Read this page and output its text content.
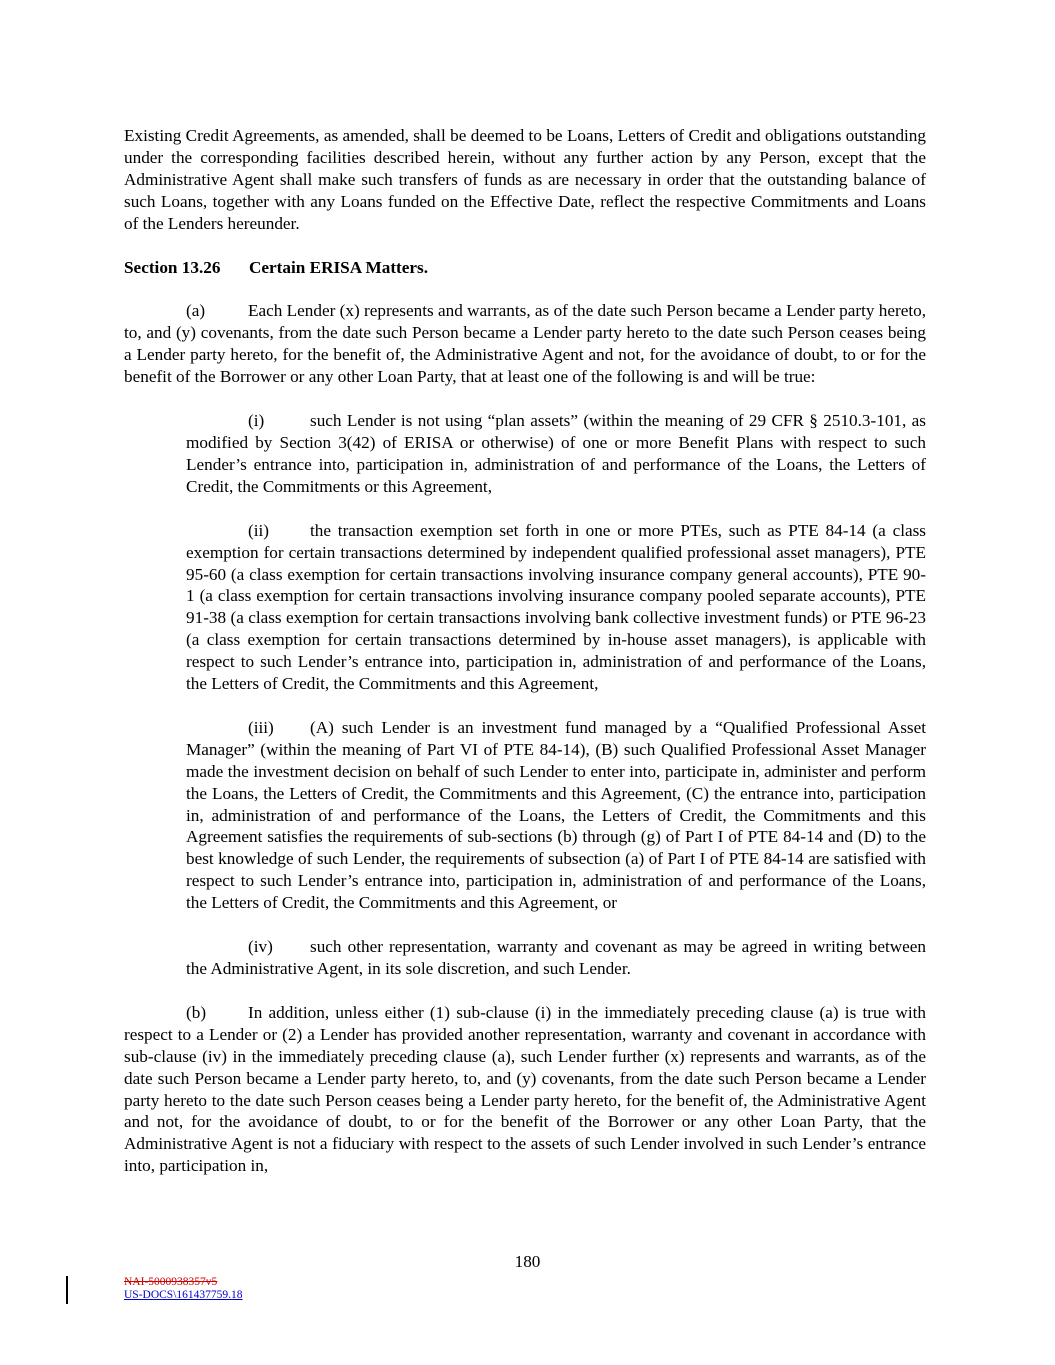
Existing Credit Agreements, as amended, shall be deemed to be Loans, Letters of Credit and obligations outstanding under the corresponding facilities described herein, without any further action by any Person, except that the Administrative Agent shall make such transfers of funds as are necessary in order that the outstanding balance of such Loans, together with any Loans funded on the Effective Date, reflect the respective Commitments and Loans of the Lenders hereunder.

Section 13.26 Certain ERISA Matters.

(a) Each Lender (x) represents and warrants, as of the date such Person became a Lender party hereto, to, and (y) covenants, from the date such Person became a Lender party hereto to the date such Person ceases being a Lender party hereto, for the benefit of, the Administrative Agent and not, for the avoidance of doubt, to or for the benefit of the Borrower or any other Loan Party, that at least one of the following is and will be true:

(i)	such Lender is not using “plan assets” (within the meaning of 29 CFR § 2510.3-101, as modified by Section 3(42) of ERISA or otherwise) of one or more Benefit Plans with respect to such Lender’s entrance into, participation in, administration of and performance of the Loans, the Letters of Credit, the Commitments or this Agreement,

(ii) the transaction exemption set forth in one or more PTEs, such as PTE 84-14 (a class exemption for certain transactions determined by independent qualified professional asset managers), PTE 95-60 (a class exemption for certain transactions involving insurance company general accounts), PTE 90-1 (a class exemption for certain transactions involving insurance company pooled separate accounts), PTE 91-38 (a class exemption for certain transactions involving bank collective investment funds) or PTE 96-23 (a class exemption for certain transactions determined by in-house asset managers), is applicable with respect to such Lender’s entrance into, participation in, administration of and performance of the Loans, the Letters of Credit, the Commitments and this Agreement,

(iii) (A) such Lender is an investment fund managed by a “Qualified Professional Asset Manager” (within the meaning of Part VI of PTE 84-14), (B) such Qualified Professional Asset Manager made the investment decision on behalf of such Lender to enter into, participate in, administer and perform the Loans, the Letters of Credit, the Commitments and this Agreement, (C) the entrance into, participation in, administration of and performance of the Loans, the Letters of Credit, the Commitments and this Agreement satisfies the requirements of sub-sections (b) through (g) of Part I of PTE 84-14 and (D) to the best knowledge of such Lender, the requirements of subsection (a) of Part I of PTE 84-14 are satisfied with respect to such Lender’s entrance into, participation in, administration of and performance of the Loans, the Letters of Credit, the Commitments and this Agreement, or

(iv) such other representation, warranty and covenant as may be agreed in writing between the Administrative Agent, in its sole discretion, and such Lender.

(b) In addition, unless either (1) sub-clause (i) in the immediately preceding clause (a) is true with respect to a Lender or (2) a Lender has provided another representation, warranty and covenant in accordance with sub-clause (iv) in the immediately preceding clause (a), such Lender further (x) represents and warrants, as of the date such Person became a Lender party hereto, to, and (y) covenants, from the date such Person became a Lender party hereto to the date such Person ceases being a Lender party hereto, for the benefit of, the Administrative Agent and not, for the avoidance of doubt, to or for the benefit of the Borrower or any other Loan Party, that the Administrative Agent is not a fiduciary with respect to the assets of such Lender involved in such Lender’s entrance into, participation in,

180
NAI-5000938357v5
US-DOCS\161437759.18
